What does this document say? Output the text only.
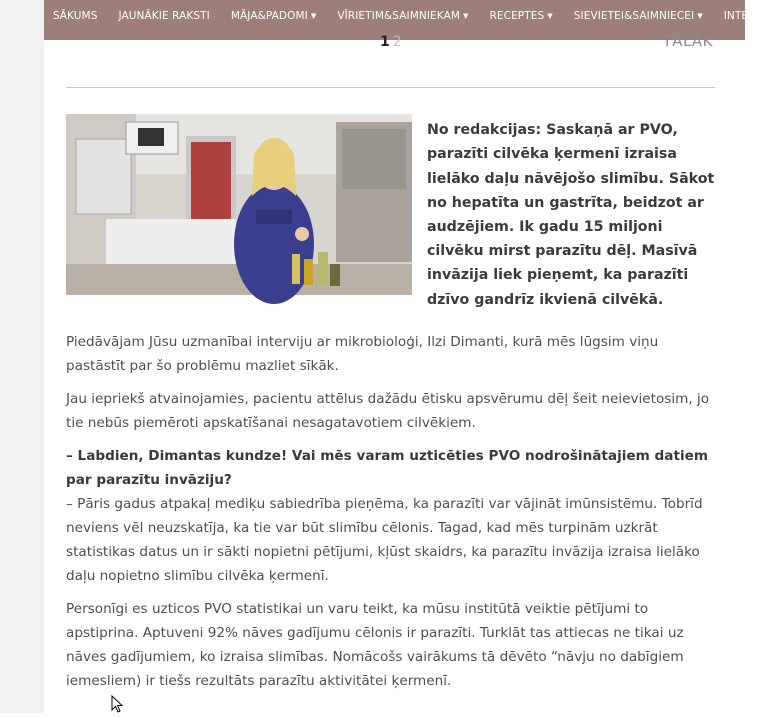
SĀKUMS JAUNĀKIE RAKSTI MĀJA&PADOMI ▼ VĪRIETIM&SAIMNIEKAM ▼ RECEPTES ▼ SIEVIETEI&SAIMNIECEI ▼ INTERESA
1 2	TĀLĀK

No redakcijas: Saskaņā ar PVO, parazīti cilvēka ķermenī izraisa lielāko daļu nāvējošo slimību. Sākot no hepatīta un gastrīta, beidzot ar audzējiem. Ik gadu 15 miljoni cilvēku mirst parazītu dēļ. Masīvā invāzija liek pieņemt, ka parazīti dzīvo gandrīz ikvienā cilvēkā.

Piedāvājam Jūsu uzmanībai interviju ar mikrobioloģi, Ilzi Dimanti, kurā mēs lūgsim viņu pastāstīt par šo problēmu mazliet sīkāk.

Jau iepriekš atvainojamies, pacientu attēlus dažādu ētisku apsvērumu dēļ šeit neievietosim, jo tie nebūs piemēroti apskatīšanai nesagatavotiem cilvēkiem.

– Labdien, Dimantas kundze! Vai mēs varam uzticēties PVO nodrošinātajiem datiem par parazītu invāziju?

– Pāris gadus atpakaļ mediķu sabiedrība pieņēma, ka parazīti var vājināt imūnsistēmu. Tobrīd neviens vēl neuzskatīja, ka tie var būt slimību cēlonis. Tagad, kad mēs turpinām uzkrāt statistikas datus un ir sākti nopietni pētījumi, kļūst skaidrs, ka parazītu invāzija izraisa lielāko daļu nopietno slimību cilvēka ķermenī.

Personīgi es uzticos PVO statistikai un varu teikt, ka mūsu institūtā veiktie pētījumi to apstiprina. Aptuveni 92% nāves gadījumu cēlonis ir parazīti. Turklāt tas attiecas ne tikai uz nāves gadījumiem, ko izraisa slimības. Nomācošs vairākums tā dēvēto “nāvju no dabīgiem iemesliem) ir tiešs rezultāts parazītu aktivitātei ķermenī.
